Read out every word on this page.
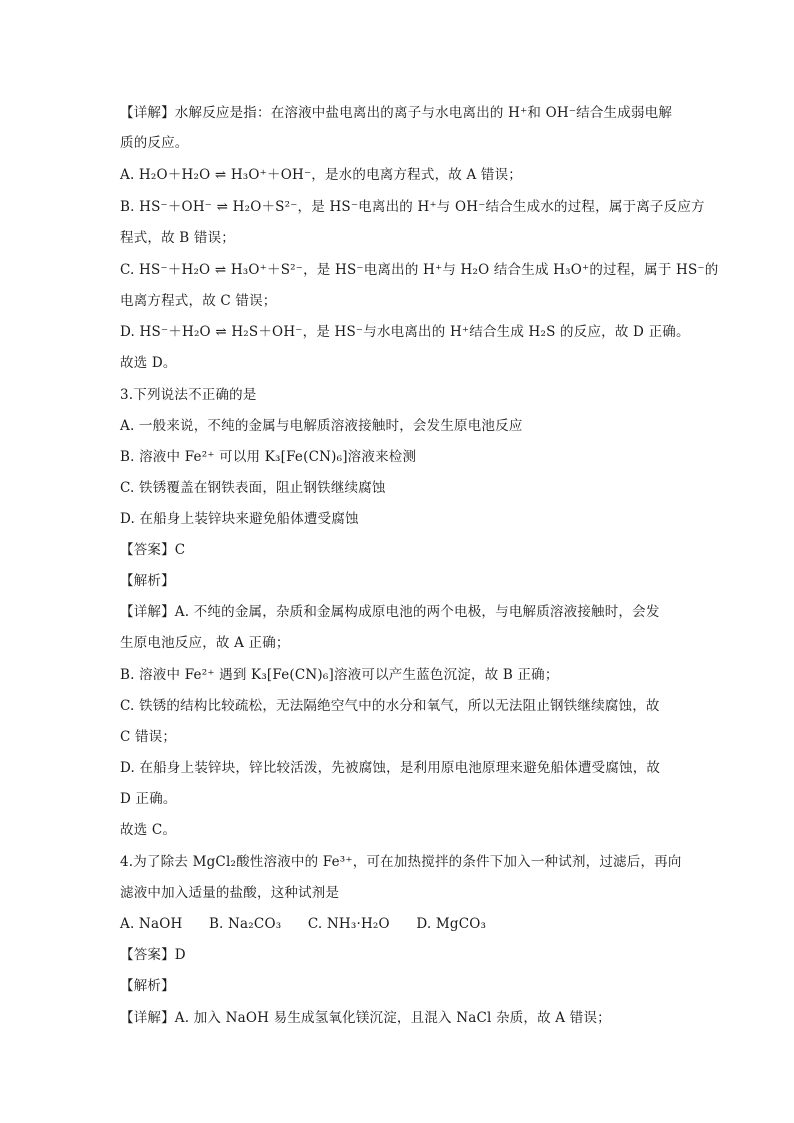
【详解】水解反应是指：在溶液中盐电离出的离子与水电离出的 H⁺和 OH⁻结合生成弱电解
质的反应。
A. H₂O＋H₂O ⇌ H₃O⁺＋OH⁻，是水的电离方程式，故 A 错误；
B. HS⁻＋OH⁻ ⇌ H₂O＋S²⁻，是 HS⁻电离出的 H⁺与 OH⁻结合生成水的过程，属于离子反应方
程式，故 B 错误；
C. HS⁻＋H₂O ⇌ H₃O⁺＋S²⁻，是 HS⁻电离出的 H⁺与 H₂O 结合生成 H₃O⁺的过程，属于 HS⁻的
电离方程式，故 C 错误；
D. HS⁻＋H₂O ⇌ H₂S＋OH⁻，是 HS⁻与水电离出的 H⁺结合生成 H₂S 的反应，故 D 正确。
故选 D。
3.下列说法不正确的是
A. 一般来说，不纯的金属与电解质溶液接触时，会发生原电池反应
B. 溶液中 Fe²⁺ 可以用 K₃[Fe(CN)₆]溶液来检测
C. 铁锈覆盖在钢铁表面，阻止钢铁继续腐蚀
D. 在船身上装锌块来避免船体遭受腐蚀
【答案】C
【解析】
【详解】A. 不纯的金属，杂质和金属构成原电池的两个电极，与电解质溶液接触时，会发
生原电池反应，故 A 正确；
B. 溶液中 Fe²⁺ 遇到 K₃[Fe(CN)₆]溶液可以产生蓝色沉淀，故 B 正确；
C. 铁锈的结构比较疏松，无法隔绝空气中的水分和氧气，所以无法阻止钢铁继续腐蚀，故
C 错误；
D. 在船身上装锌块，锌比较活泼，先被腐蚀，是利用原电池原理来避免船体遭受腐蚀，故
D 正确。
故选 C。
4.为了除去 MgCl₂酸性溶液中的 Fe³⁺，可在加热搅拌的条件下加入一种试剂，过滤后，再向
滤液中加入适量的盐酸，这种试剂是
A. NaOH B. Na₂CO₃ C. NH₃·H₂O D. MgCO₃
【答案】D
【解析】
【详解】A. 加入 NaOH 易生成氢氧化镁沉淀，且混入 NaCl 杂质，故 A 错误；
